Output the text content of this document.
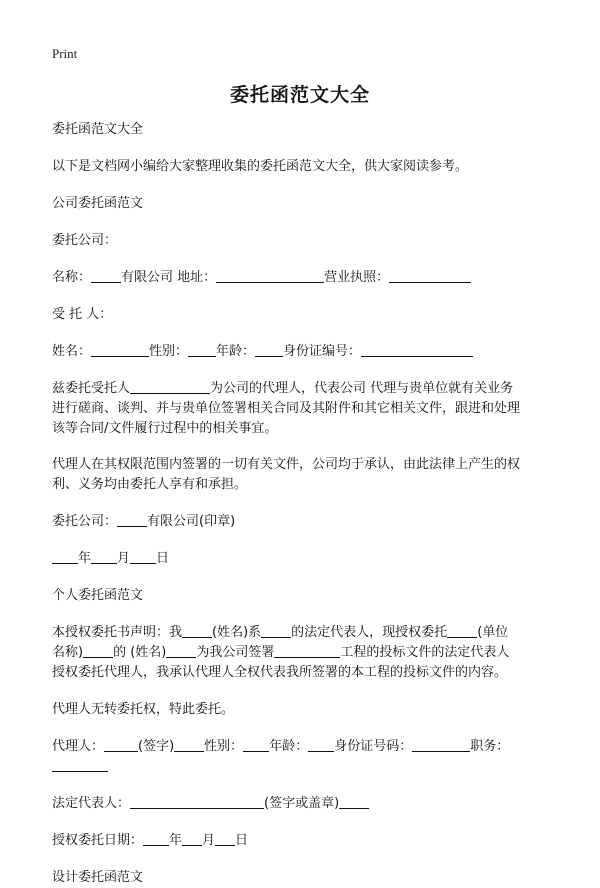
Print
委托函范文大全

委托函范文大全

以下是文档网小编给大家整理收集的委托函范文大全，供大家阅读参考。

公司委托函范文

委托公司：

名称： 有限公司 地址：	营业执照：

受 托 人：

姓名：	性别： 年龄： 身份证编号：

兹委托受托人	为公司的代理人，代表公司 代理与贵单位就有关业务
进行磋商、谈判、并与贵单位签署相关合同及其附件和其它相关文件，跟进和处理
该等合同/文件履行过程中的相关事宜。

代理人在其权限范围内签署的一切有关文件，公司均于承认，由此法律上产生的权
利、义务均由委托人享有和承担。

委托公司： 有限公司(印章)

年 月 日

个人委托函范文

本授权委托书声明：我 (姓名)系 的法定代表人，现授权委托 (单位
名称) 的 (姓名) 为我公司签署	工程的投标文件的法定代表人
授权委托代理人，我承认代理人全权代表我所签署的本工程的投标文件的内容。

代理人无转委托权，特此委托。

代理人：	(签字) 性别： 年龄： 身份证号码：	职务：

法定代表人：	(签字或盖章)

授权委托日期： 年 月 日

设计委托函范文
